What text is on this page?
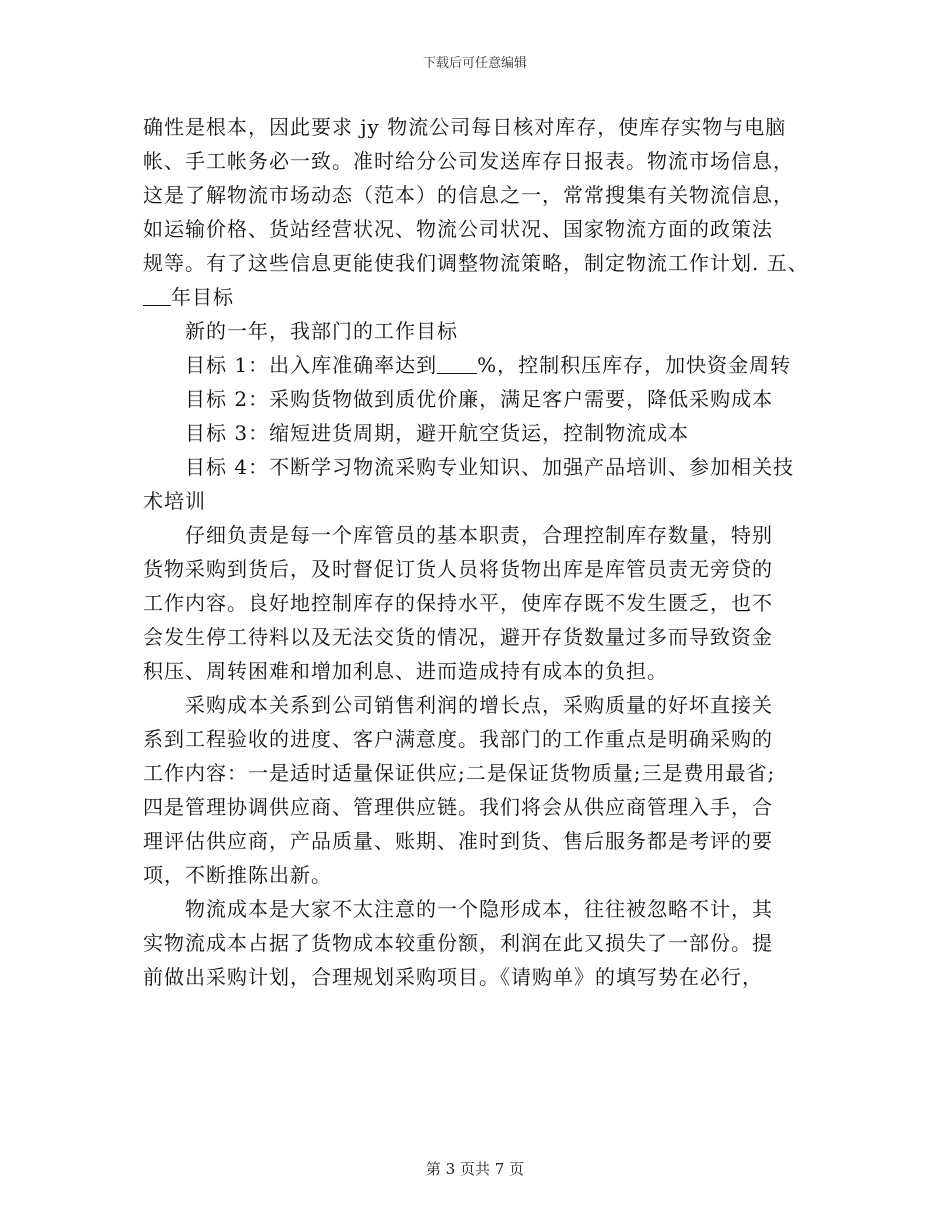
下载后可任意编辑

确性是根本，因此要求 jy 物流公司每日核对库存，使库存实物与电脑
帐、手工帐务必一致。准时给分公司发送库存日报表。物流市场信息，
这是了解物流市场动态（范本）的信息之一，常常搜集有关物流信息，
如运输价格、货站经营状况、物流公司状况、国家物流方面的政策法
规等。有了这些信息更能使我们调整物流策略，制定物流工作计划. 五、
年目标

新的一年，我部门的工作目标

目标 1：出入库准确率达到 %，控制积压库存，加快资金周转

目标 2：采购货物做到质优价廉，满足客户需要，降低采购成本

目标 3：缩短进货周期，避开航空货运，控制物流成本

目标 4：不断学习物流采购专业知识、加强产品培训、参加相关技
术培训

仔细负责是每一个库管员的基本职责，合理控制库存数量，特别
货物采购到货后，及时督促订货人员将货物出库是库管员责无旁贷的
工作内容。良好地控制库存的保持水平，使库存既不发生匮乏，也不
会发生停工待料以及无法交货的情况，避开存货数量过多而导致资金
积压、周转困难和增加利息、进而造成持有成本的负担。

采购成本关系到公司销售利润的增长点，采购质量的好坏直接关
系到工程验收的进度、客户满意度。我部门的工作重点是明确采购的
工作内容：一是适时适量保证供应;二是保证货物质量;三是费用最省;
四是管理协调供应商、管理供应链。我们将会从供应商管理入手，合
理评估供应商，产品质量、账期、准时到货、售后服务都是考评的要
项，不断推陈出新。

物流成本是大家不太注意的一个隐形成本，往往被忽略不计，其
实物流成本占据了货物成本较重份额，利润在此又损失了一部份。提
前做出采购计划，合理规划采购项目。《请购单》的填写势在必行，

第 3 页共 7 页
